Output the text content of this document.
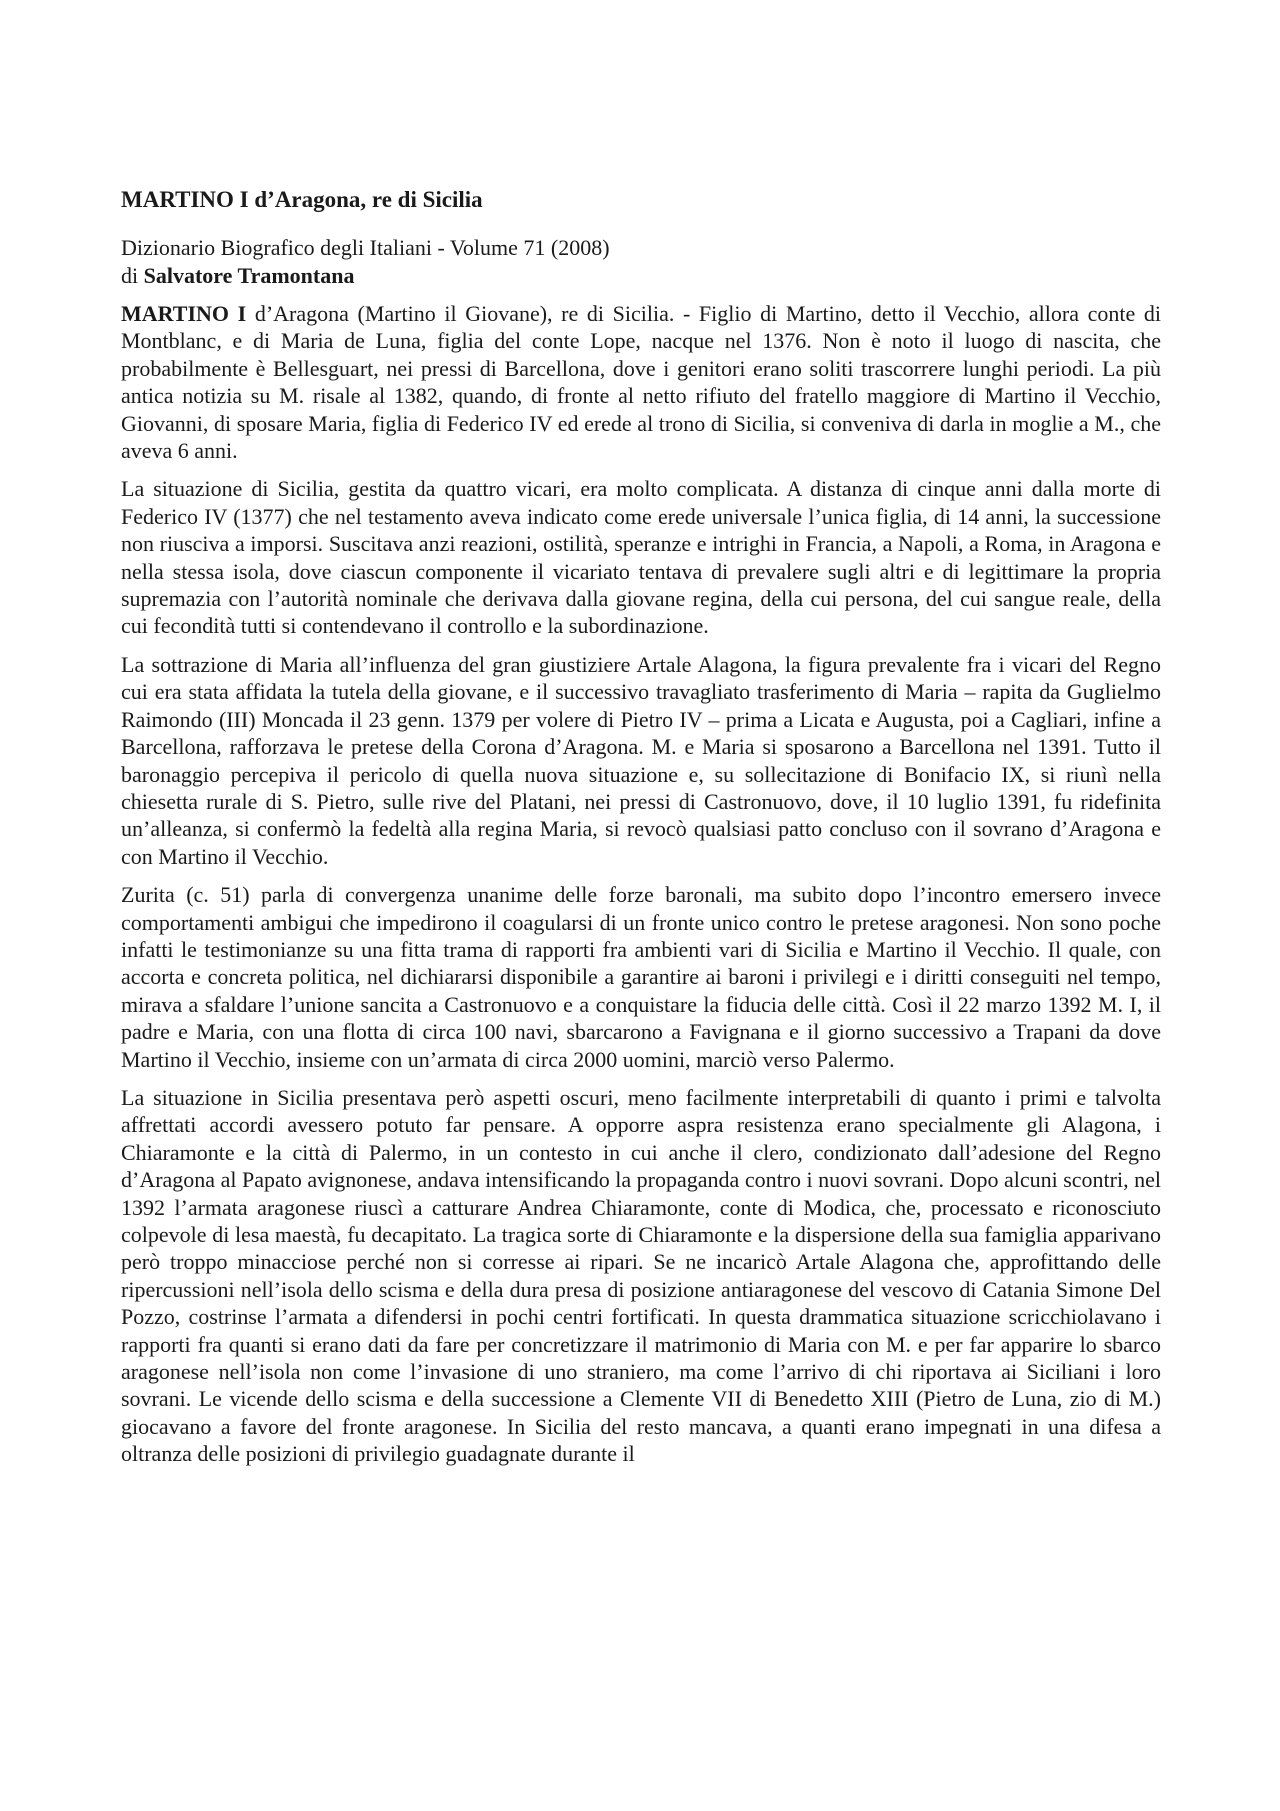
MARTINO I d’Aragona, re di Sicilia
Dizionario Biografico degli Italiani - Volume 71 (2008)
di Salvatore Tramontana

MARTINO I d’Aragona (Martino il Giovane), re di Sicilia. - Figlio di Martino, detto il Vecchio, allora conte di Montblanc, e di Maria de Luna, figlia del conte Lope, nacque nel 1376. Non è noto il luogo di nascita, che probabilmente è Bellesguart, nei pressi di Barcellona, dove i genitori erano soliti trascorrere lunghi periodi. La più antica notizia su M. risale al 1382, quando, di fronte al netto rifiuto del fratello maggiore di Martino il Vecchio, Giovanni, di sposare Maria, figlia di Federico IV ed erede al trono di Sicilia, si conveniva di darla in moglie a M., che aveva 6 anni.

La situazione di Sicilia, gestita da quattro vicari, era molto complicata. A distanza di cinque anni dalla morte di Federico IV (1377) che nel testamento aveva indicato come erede universale l’unica figlia, di 14 anni, la successione non riusciva a imporsi. Suscitava anzi reazioni, ostilità, speranze e intrighi in Francia, a Napoli, a Roma, in Aragona e nella stessa isola, dove ciascun componente il vicariato tentava di prevalere sugli altri e di legittimare la propria supremazia con l’autorità nominale che derivava dalla giovane regina, della cui persona, del cui sangue reale, della cui fecondità tutti si contendevano il controllo e la subordinazione.

La sottrazione di Maria all’influenza del gran giustiziere Artale Alagona, la figura prevalente fra i vicari del Regno cui era stata affidata la tutela della giovane, e il successivo travagliato trasferimento di Maria – rapita da Guglielmo Raimondo (III) Moncada il 23 genn. 1379 per volere di Pietro IV – prima a Licata e Augusta, poi a Cagliari, infine a Barcellona, rafforzava le pretese della Corona d’Aragona. M. e Maria si sposarono a Barcellona nel 1391. Tutto il baronaggio percepiva il pericolo di quella nuova situazione e, su sollecitazione di Bonifacio IX, si riunì nella chiesetta rurale di S. Pietro, sulle rive del Platani, nei pressi di Castronuovo, dove, il 10 luglio 1391, fu ridefinita un’alleanza, si confermò la fedeltà alla regina Maria, si revocò qualsiasi patto concluso con il sovrano d’Aragona e con Martino il Vecchio.

Zurita (c. 51) parla di convergenza unanime delle forze baronali, ma subito dopo l’incontro emersero invece comportamenti ambigui che impedirono il coagularsi di un fronte unico contro le pretese aragonesi. Non sono poche infatti le testimonianze su una fitta trama di rapporti fra ambienti vari di Sicilia e Martino il Vecchio. Il quale, con accorta e concreta politica, nel dichiararsi disponibile a garantire ai baroni i privilegi e i diritti conseguiti nel tempo, mirava a sfaldare l’unione sancita a Castronuovo e a conquistare la fiducia delle città. Così il 22 marzo 1392 M. I, il padre e Maria, con una flotta di circa 100 navi, sbarcarono a Favignana e il giorno successivo a Trapani da dove Martino il Vecchio, insieme con un’armata di circa 2000 uomini, marciò verso Palermo.

La situazione in Sicilia presentava però aspetti oscuri, meno facilmente interpretabili di quanto i primi e talvolta affrettati accordi avessero potuto far pensare. A opporre aspra resistenza erano specialmente gli Alagona, i Chiaramonte e la città di Palermo, in un contesto in cui anche il clero, condizionato dall’adesione del Regno d’Aragona al Papato avignonese, andava intensificando la propaganda contro i nuovi sovrani. Dopo alcuni scontri, nel 1392 l’armata aragonese riuscì a catturare Andrea Chiaramonte, conte di Modica, che, processato e riconosciuto colpevole di lesa maestà, fu decapitato. La tragica sorte di Chiaramonte e la dispersione della sua famiglia apparivano però troppo minacciose perché non si corresse ai ripari. Se ne incaricò Artale Alagona che, approfittando delle ripercussioni nell’isola dello scisma e della dura presa di posizione antiaragonese del vescovo di Catania Simone Del Pozzo, costrinse l’armata a difendersi in pochi centri fortificati. In questa drammatica situazione scricchiolavano i rapporti fra quanti si erano dati da fare per concretizzare il matrimonio di Maria con M. e per far apparire lo sbarco aragonese nell’isola non come l’invasione di uno straniero, ma come l’arrivo di chi riportava ai Siciliani i loro sovrani. Le vicende dello scisma e della successione a Clemente VII di Benedetto XIII (Pietro de Luna, zio di M.) giocavano a favore del fronte aragonese. In Sicilia del resto mancava, a quanti erano impegnati in una difesa a oltranza delle posizioni di privilegio guadagnate durante il
